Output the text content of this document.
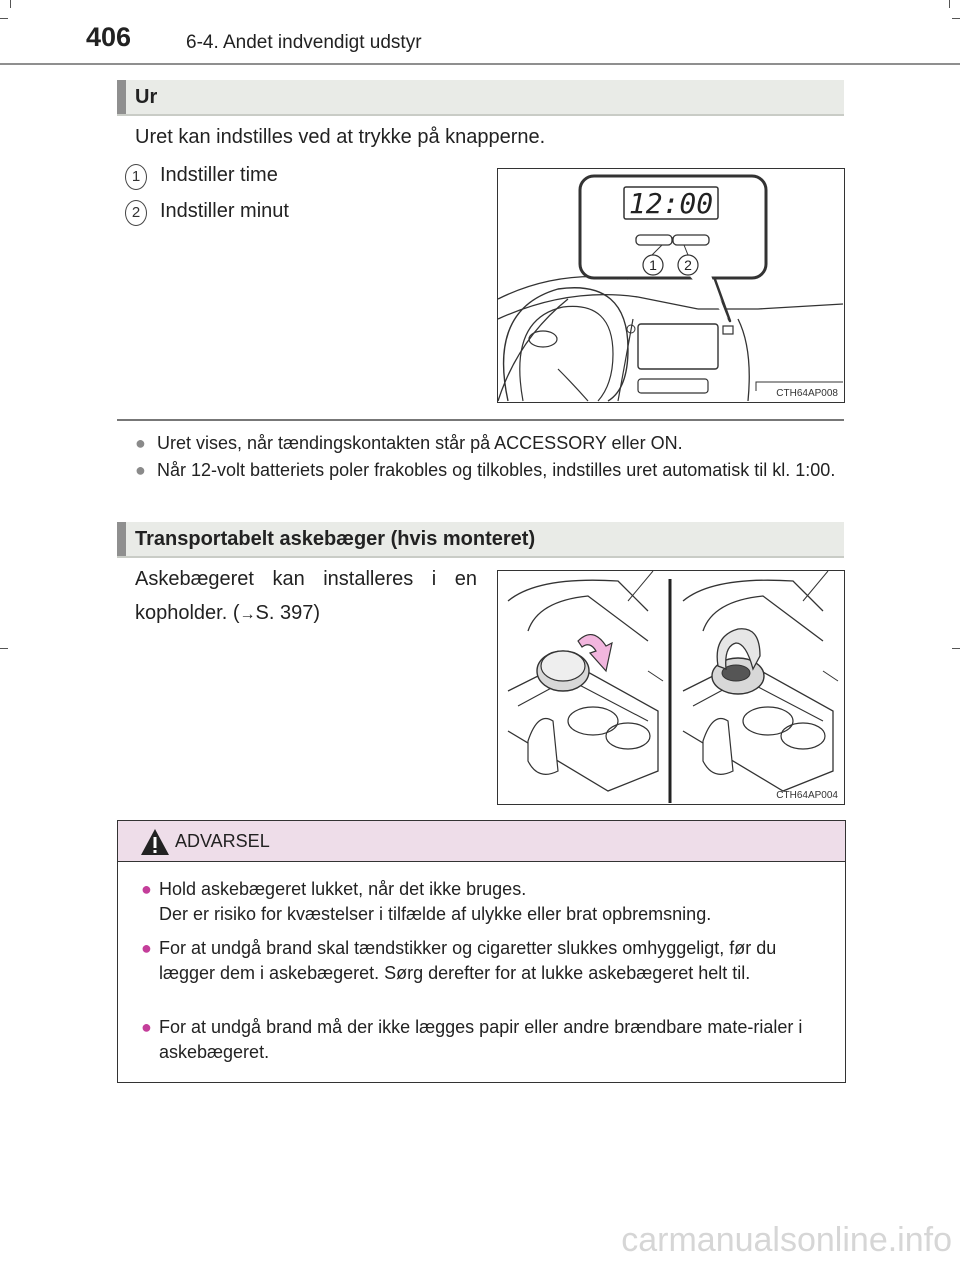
406	6-4. Andet indvendigt udstyr
Ur
Uret kan indstilles ved at trykke på knapperne.
1 Indstiller time
2 Indstiller minut	12:00
1 2
CTH64AP008
● Uret vises, når tændingskontakten står på ACCESSORY eller ON.
● Når 12-volt batteriets poler frakobles og tilkobles, indstilles uret automatisk til kl. 1:00.
Transportabelt askebæger (hvis monteret)
Askebægeret kan installeres i en
kopholder. (→S. 397)
CTH64AP004
ADVARSEL
● Hold askebægeret lukket, når det ikke bruges.
Der er risiko for kvæstelser i tilfælde af ulykke eller brat opbremsning.
● For at undgå brand skal tændstikker og cigaretter slukkes omhyggeligt, før du lægger dem i askebægeret. Sørg derefter for at lukke askebægeret helt til.
● For at undgå brand må der ikke lægges papir eller andre brændbare mate-rialer i askebægeret.
carmanualsonline.info
